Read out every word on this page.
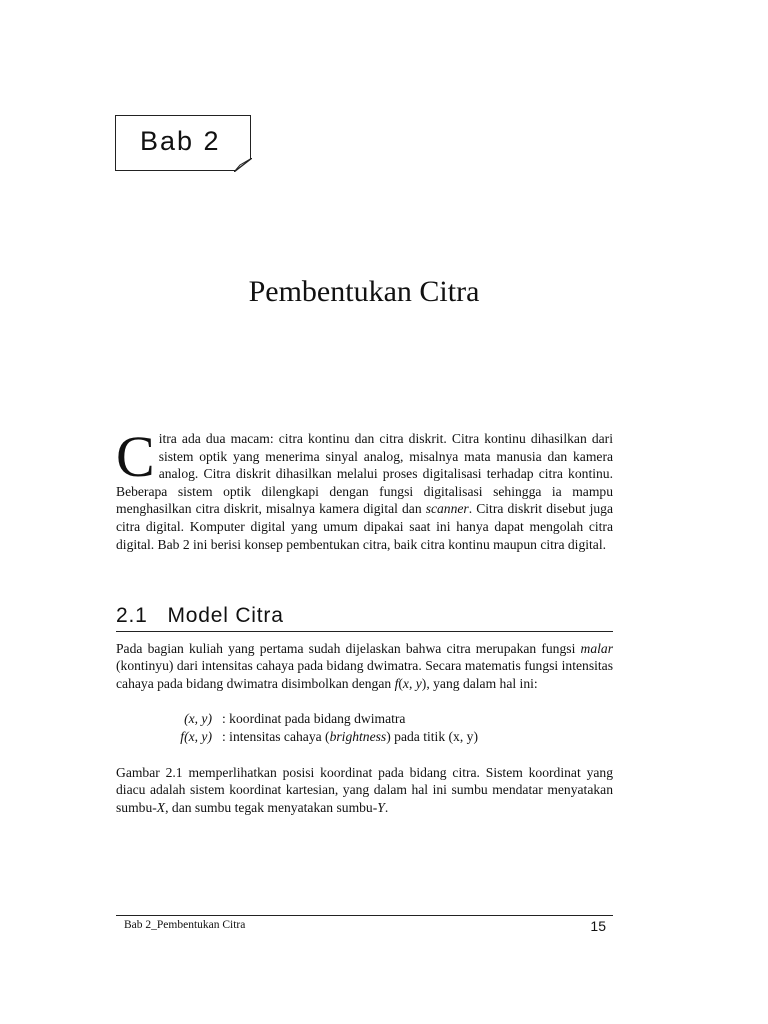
Bab 2
Pembentukan Citra
Citra ada dua macam: citra kontinu dan citra diskrit. Citra kontinu dihasilkan dari sistem optik yang menerima sinyal analog, misalnya mata manusia dan kamera analog. Citra diskrit dihasilkan melalui proses digitalisasi terhadap citra kontinu. Beberapa sistem optik dilengkapi dengan fungsi digitalisasi sehingga ia mampu menghasilkan citra diskrit, misalnya kamera digital dan scanner. Citra diskrit disebut juga citra digital. Komputer digital yang umum dipakai saat ini hanya dapat mengolah citra digital. Bab 2 ini berisi konsep pembentukan citra, baik citra kontinu maupun citra digital.
2.1 Model Citra
Pada bagian kuliah yang pertama sudah dijelaskan bahwa citra merupakan fungsi malar (kontinyu) dari intensitas cahaya pada bidang dwimatra. Secara matematis fungsi intensitas cahaya pada bidang dwimatra disimbolkan dengan f(x, y), yang dalam hal ini:
(x, y) : koordinat pada bidang dwimatra
f(x, y) : intensitas cahaya (brightness) pada titik (x, y)
Gambar 2.1 memperlihatkan posisi koordinat pada bidang citra. Sistem koordinat yang diacu adalah sistem koordinat kartesian, yang dalam hal ini sumbu mendatar menyatakan sumbu-X, dan sumbu tegak menyatakan sumbu-Y.
Bab 2_Pembentukan Citra	15
